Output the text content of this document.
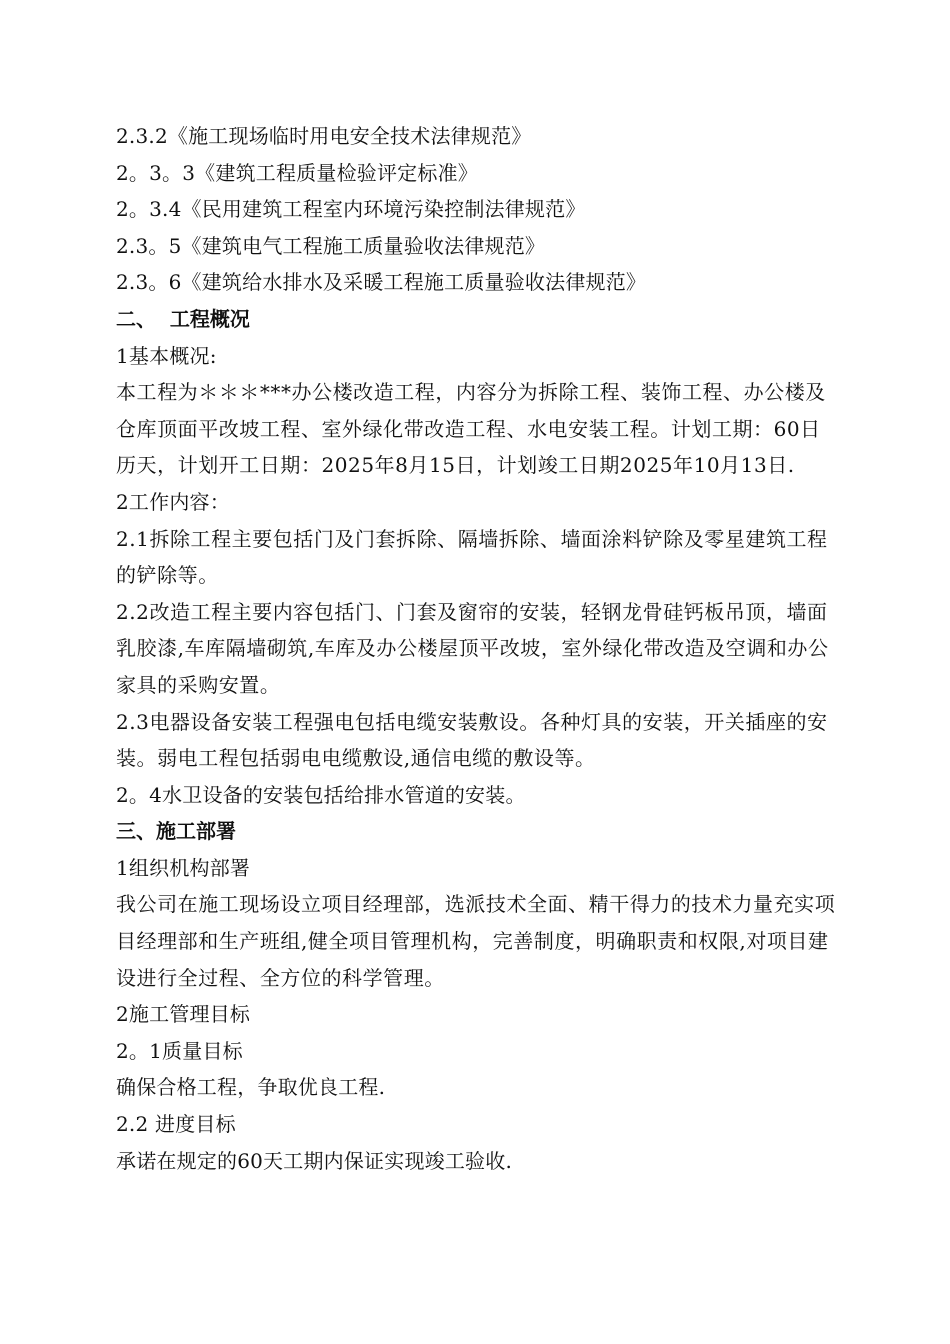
2.3.2《施工现场临时用电安全技术法律规范》
2。3。3《建筑工程质量检验评定标准》
2。3.4《民用建筑工程室内环境污染控制法律规范》
2.3。5《建筑电气工程施工质量验收法律规范》
2.3。6《建筑给水排水及采暖工程施工质量验收法律规范》
二、  工程概况
1基本概况:
本工程为＊＊＊***办公楼改造工程，内容分为拆除工程、装饰工程、办公楼及仓库顶面平改坡工程、室外绿化带改造工程、水电安装工程。计划工期：60日历天，计划开工日期：2025年8月15日，计划竣工日期2025年10月13日.
2工作内容：
2.1拆除工程主要包括门及门套拆除、隔墙拆除、墙面涂料铲除及零星建筑工程的铲除等。
2.2改造工程主要内容包括门、门套及窗帘的安装，轻钢龙骨硅钙板吊顶，墙面乳胶漆,车库隔墙砌筑,车库及办公楼屋顶平改坡，室外绿化带改造及空调和办公家具的采购安置。
2.3电器设备安装工程强电包括电缆安装敷设。各种灯具的安装，开关插座的安装。弱电工程包括弱电电缆敷设,通信电缆的敷设等。
2。4水卫设备的安装包括给排水管道的安装。
三、施工部署
1组织机构部署
我公司在施工现场设立项目经理部，选派技术全面、精干得力的技术力量充实项目经理部和生产班组,健全项目管理机构，完善制度，明确职责和权限,对项目建设进行全过程、全方位的科学管理。
2施工管理目标
2。1质量目标
确保合格工程，争取优良工程.
2.2 进度目标
承诺在规定的60天工期内保证实现竣工验收.
